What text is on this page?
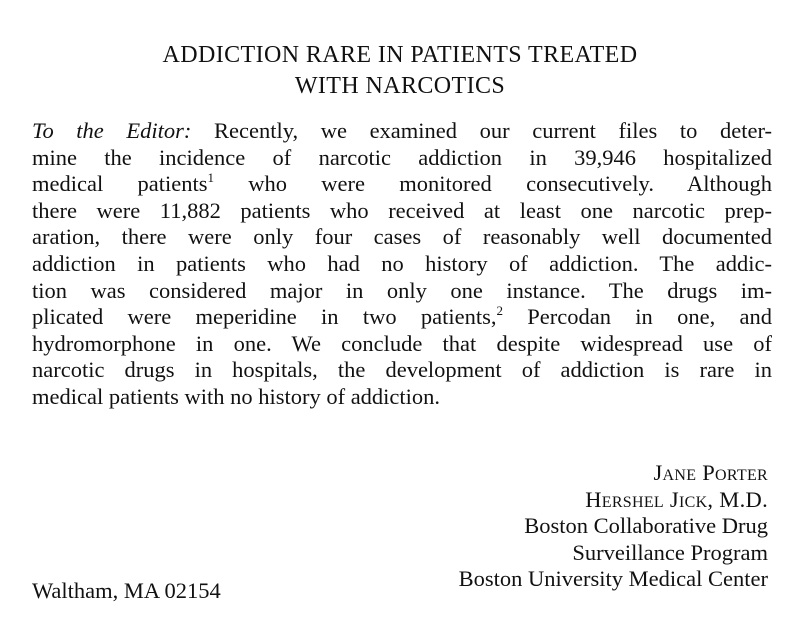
ADDICTION RARE IN PATIENTS TREATED
WITH NARCOTICS
To the Editor: Recently, we examined our current files to deter-
mine the incidence of narcotic addiction in 39,946 hospitalized
medical patients$^1$ who were monitored consecutively. Although
there were 11,882 patients who received at least one narcotic prep-
aration, there were only four cases of reasonably well documented
addiction in patients who had no history of addiction. The addic-
tion was considered major in only one instance. The drugs im-
plicated were meperidine in two patients,$^2$ Percodan in one, and
hydromorphone in one. We conclude that despite widespread use of
narcotic drugs in hospitals, the development of addiction is rare in
medical patients with no history of addiction.
Jane Porter
Hershel Jick, M.D.
Boston Collaborative Drug
Surveillance Program
Boston University Medical Center
Waltham, MA 02154
